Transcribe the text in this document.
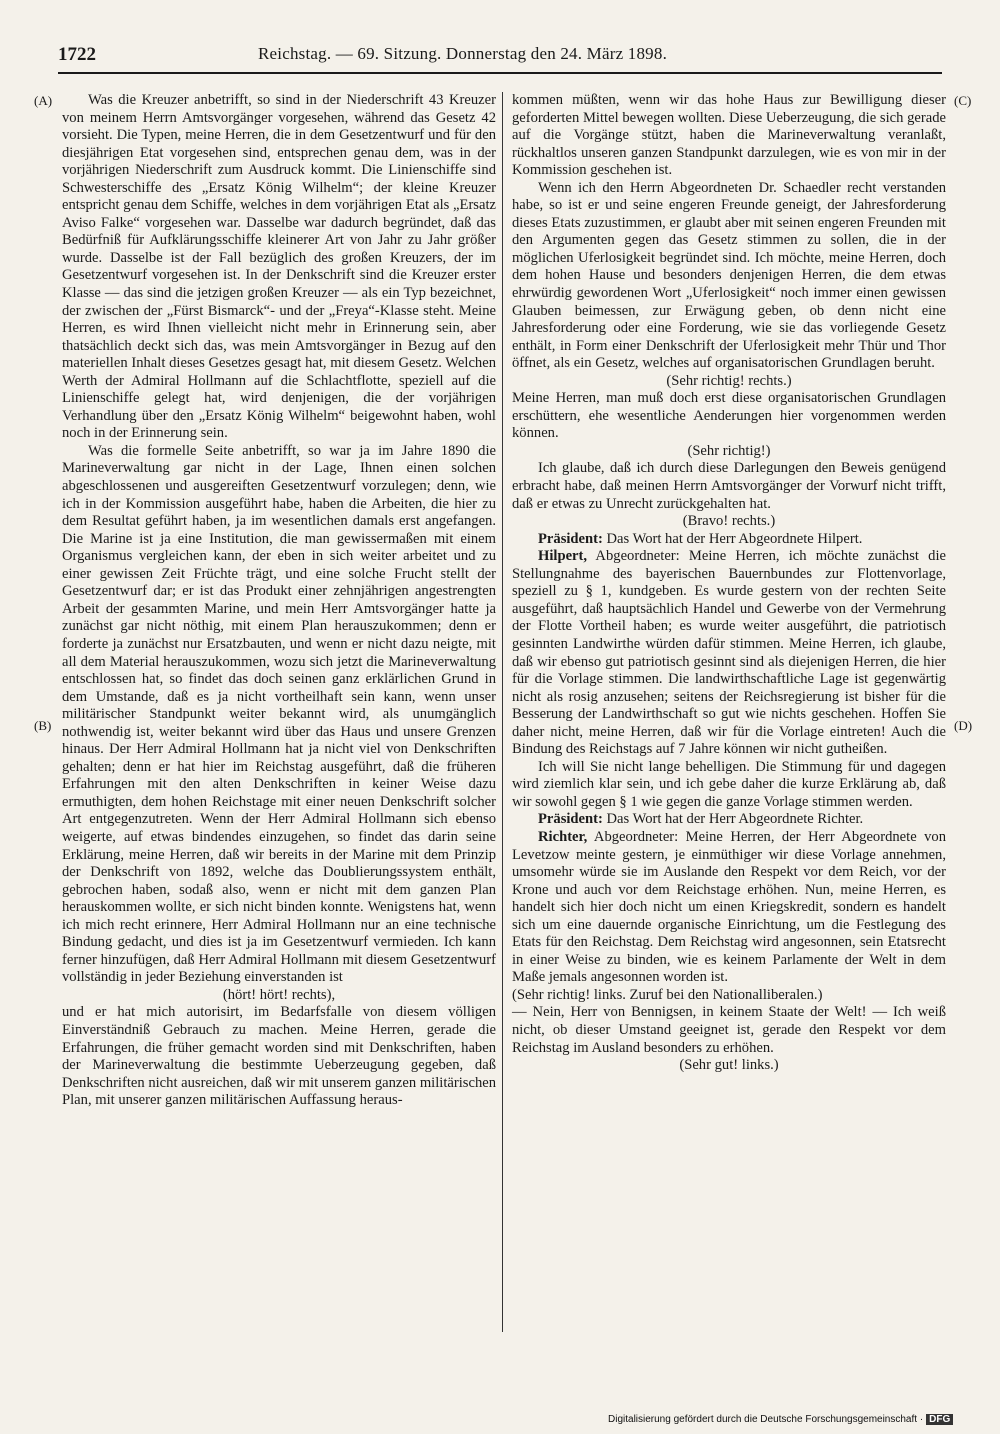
1722	Reichstag. — 69. Sitzung. Donnerstag den 24. März 1898.
(A)
(B)
(C)
(D)

Was die Kreuzer anbetrifft, so sind in der Niederschrift 43 Kreuzer von meinem Herrn Amtsvorgänger vorgesehen, während das Gesetz 42 vorsieht. Die Typen, meine Herren, die in dem Gesetzentwurf und für den diesjährigen Etat vorgesehen sind, entsprechen genau dem, was in der vorjährigen Niederschrift zum Ausdruck kommt. Die Linienschiffe sind Schwesterschiffe des „Ersatz König Wilhelm“; der kleine Kreuzer entspricht genau dem Schiffe, welches in dem vorjährigen Etat als „Ersatz Aviso Falke“ vorgesehen war. Dasselbe war dadurch begründet, daß das Bedürfniß für Aufklärungsschiffe kleinerer Art von Jahr zu Jahr größer wurde. Dasselbe ist der Fall bezüglich des großen Kreuzers, der im Gesetzentwurf vorgesehen ist. In der Denkschrift sind die Kreuzer erster Klasse — das sind die jetzigen großen Kreuzer — als ein Typ bezeichnet, der zwischen der „Fürst Bismarck“- und der „Freya“-Klasse steht. Meine Herren, es wird Ihnen vielleicht nicht mehr in Erinnerung sein, aber thatsächlich deckt sich das, was mein Amtsvorgänger in Bezug auf den materiellen Inhalt dieses Gesetzes gesagt hat, mit diesem Gesetz. Welchen Werth der Admiral Hollmann auf die Schlachtflotte, speziell auf die Linienschiffe gelegt hat, wird denjenigen, die der vorjährigen Verhandlung über den „Ersatz König Wilhelm“ beigewohnt haben, wohl noch in der Erinnerung sein.

Was die formelle Seite anbetrifft, so war ja im Jahre 1890 die Marineverwaltung gar nicht in der Lage, Ihnen einen solchen abgeschlossenen und ausgereiften Gesetzentwurf vorzulegen; denn, wie ich in der Kommission ausgeführt habe, haben die Arbeiten, die hier zu dem Resultat geführt haben, ja im wesentlichen damals erst angefangen. Die Marine ist ja eine Institution, die man gewissermaßen mit einem Organismus vergleichen kann, der eben in sich weiter arbeitet und zu einer gewissen Zeit Früchte trägt, und eine solche Frucht stellt der Gesetzentwurf dar; er ist das Produkt einer zehnjährigen angestrengten Arbeit der gesammten Marine, und mein Herr Amtsvorgänger hatte ja zunächst gar nicht nöthig, mit einem Plan herauszukommen; denn er forderte ja zunächst nur Ersatzbauten, und wenn er nicht dazu neigte, mit all dem Material herauszukommen, wozu sich jetzt die Marineverwaltung entschlossen hat, so findet das doch seinen ganz erklärlichen Grund in dem Umstande, daß es ja nicht vortheilhaft sein kann, wenn unser militärischer Standpunkt weiter bekannt wird, als unumgänglich nothwendig ist, weiter bekannt wird über das Haus und unsere Grenzen hinaus. Der Herr Admiral Hollmann hat ja nicht viel von Denkschriften gehalten; denn er hat hier im Reichstag ausgeführt, daß die früheren Erfahrungen mit den alten Denkschriften in keiner Weise dazu ermuthigten, dem hohen Reichstage mit einer neuen Denkschrift solcher Art entgegenzutreten. Wenn der Herr Admiral Hollmann sich ebenso weigerte, auf etwas bindendes einzugehen, so findet das darin seine Erklärung, meine Herren, daß wir bereits in der Marine mit dem Prinzip der Denkschrift von 1892, welche das Doublierungssystem enthält, gebrochen haben, sodaß also, wenn er nicht mit dem ganzen Plan herauskommen wollte, er sich nicht binden konnte. Wenigstens hat, wenn ich mich recht erinnere, Herr Admiral Hollmann nur an eine technische Bindung gedacht, und dies ist ja im Gesetzentwurf vermieden. Ich kann ferner hinzufügen, daß Herr Admiral Hollmann mit diesem Gesetzentwurf vollständig in jeder Beziehung einverstanden ist

(hört! hört! rechts),

und er hat mich autorisirt, im Bedarfsfalle von diesem völligen Einverständniß Gebrauch zu machen. Meine Herren, gerade die Erfahrungen, die früher gemacht worden sind mit Denkschriften, haben der Marineverwaltung die bestimmte Ueberzeugung gegeben, daß Denkschriften nicht ausreichen, daß wir mit unserem ganzen militärischen Plan, mit unserer ganzen militärischen Auffassung heraus-

kommen müßten, wenn wir das hohe Haus zur Bewilligung dieser geforderten Mittel bewegen wollten. Diese Ueberzeugung, die sich gerade auf die Vorgänge stützt, haben die Marineverwaltung veranlaßt, rückhaltlos unseren ganzen Standpunkt darzulegen, wie es von mir in der Kommission geschehen ist.

Wenn ich den Herrn Abgeordneten Dr. Schaedler recht verstanden habe, so ist er und seine engeren Freunde geneigt, der Jahresforderung dieses Etats zuzustimmen, er glaubt aber mit seinen engeren Freunden mit den Argumenten gegen das Gesetz stimmen zu sollen, die in der möglichen Uferlosigkeit begründet sind. Ich möchte, meine Herren, doch dem hohen Hause und besonders denjenigen Herren, die dem etwas ehrwürdig gewordenen Wort „Uferlosigkeit“ noch immer einen gewissen Glauben beimessen, zur Erwägung geben, ob denn nicht eine Jahresforderung oder eine Forderung, wie sie das vorliegende Gesetz enthält, in Form einer Denkschrift der Uferlosigkeit mehr Thür und Thor öffnet, als ein Gesetz, welches auf organisatorischen Grundlagen beruht.

(Sehr richtig! rechts.)

Meine Herren, man muß doch erst diese organisatorischen Grundlagen erschüttern, ehe wesentliche Aenderungen hier vorgenommen werden können.

(Sehr richtig!)

Ich glaube, daß ich durch diese Darlegungen den Beweis genügend erbracht habe, daß meinen Herrn Amtsvorgänger der Vorwurf nicht trifft, daß er etwas zu Unrecht zurückgehalten hat.

(Bravo! rechts.)

Präsident: Das Wort hat der Herr Abgeordnete Hilpert.

Hilpert, Abgeordneter: Meine Herren, ich möchte zunächst die Stellungnahme des bayerischen Bauernbundes zur Flottenvorlage, speziell zu § 1, kundgeben. Es wurde gestern von der rechten Seite ausgeführt, daß hauptsächlich Handel und Gewerbe von der Vermehrung der Flotte Vortheil haben; es wurde weiter ausgeführt, die patriotisch gesinnten Landwirthe würden dafür stimmen. Meine Herren, ich glaube, daß wir ebenso gut patriotisch gesinnt sind als diejenigen Herren, die hier für die Vorlage stimmen. Die landwirthschaftliche Lage ist gegenwärtig nicht als rosig anzusehen; seitens der Reichsregierung ist bisher für die Besserung der Landwirthschaft so gut wie nichts geschehen. Hoffen Sie daher nicht, meine Herren, daß wir für die Vorlage eintreten! Auch die Bindung des Reichstags auf 7 Jahre können wir nicht gutheißen.

Ich will Sie nicht lange behelligen. Die Stimmung für und dagegen wird ziemlich klar sein, und ich gebe daher die kurze Erklärung ab, daß wir sowohl gegen § 1 wie gegen die ganze Vorlage stimmen werden.

Präsident: Das Wort hat der Herr Abgeordnete Richter.

Richter, Abgeordneter: Meine Herren, der Herr Abgeordnete von Levetzow meinte gestern, je einmüthiger wir diese Vorlage annehmen, umsomehr würde sie im Auslande den Respekt vor dem Reich, vor der Krone und auch vor dem Reichstage erhöhen. Nun, meine Herren, es handelt sich hier doch nicht um einen Kriegskredit, sondern es handelt sich um eine dauernde organische Einrichtung, um die Festlegung des Etats für den Reichstag. Dem Reichstag wird angesonnen, sein Etatsrecht in einer Weise zu binden, wie es keinem Parlamente der Welt in dem Maße jemals angesonnen worden ist.

(Sehr richtig! links. Zuruf bei den Nationalliberalen.)

— Nein, Herr von Bennigsen, in keinem Staate der Welt! — Ich weiß nicht, ob dieser Umstand geeignet ist, gerade den Respekt vor dem Reichstag im Ausland besonders zu erhöhen.

(Sehr gut! links.)

Digitalisierung gefördert durch die Deutsche Forschungsgemeinschaft · DFG
